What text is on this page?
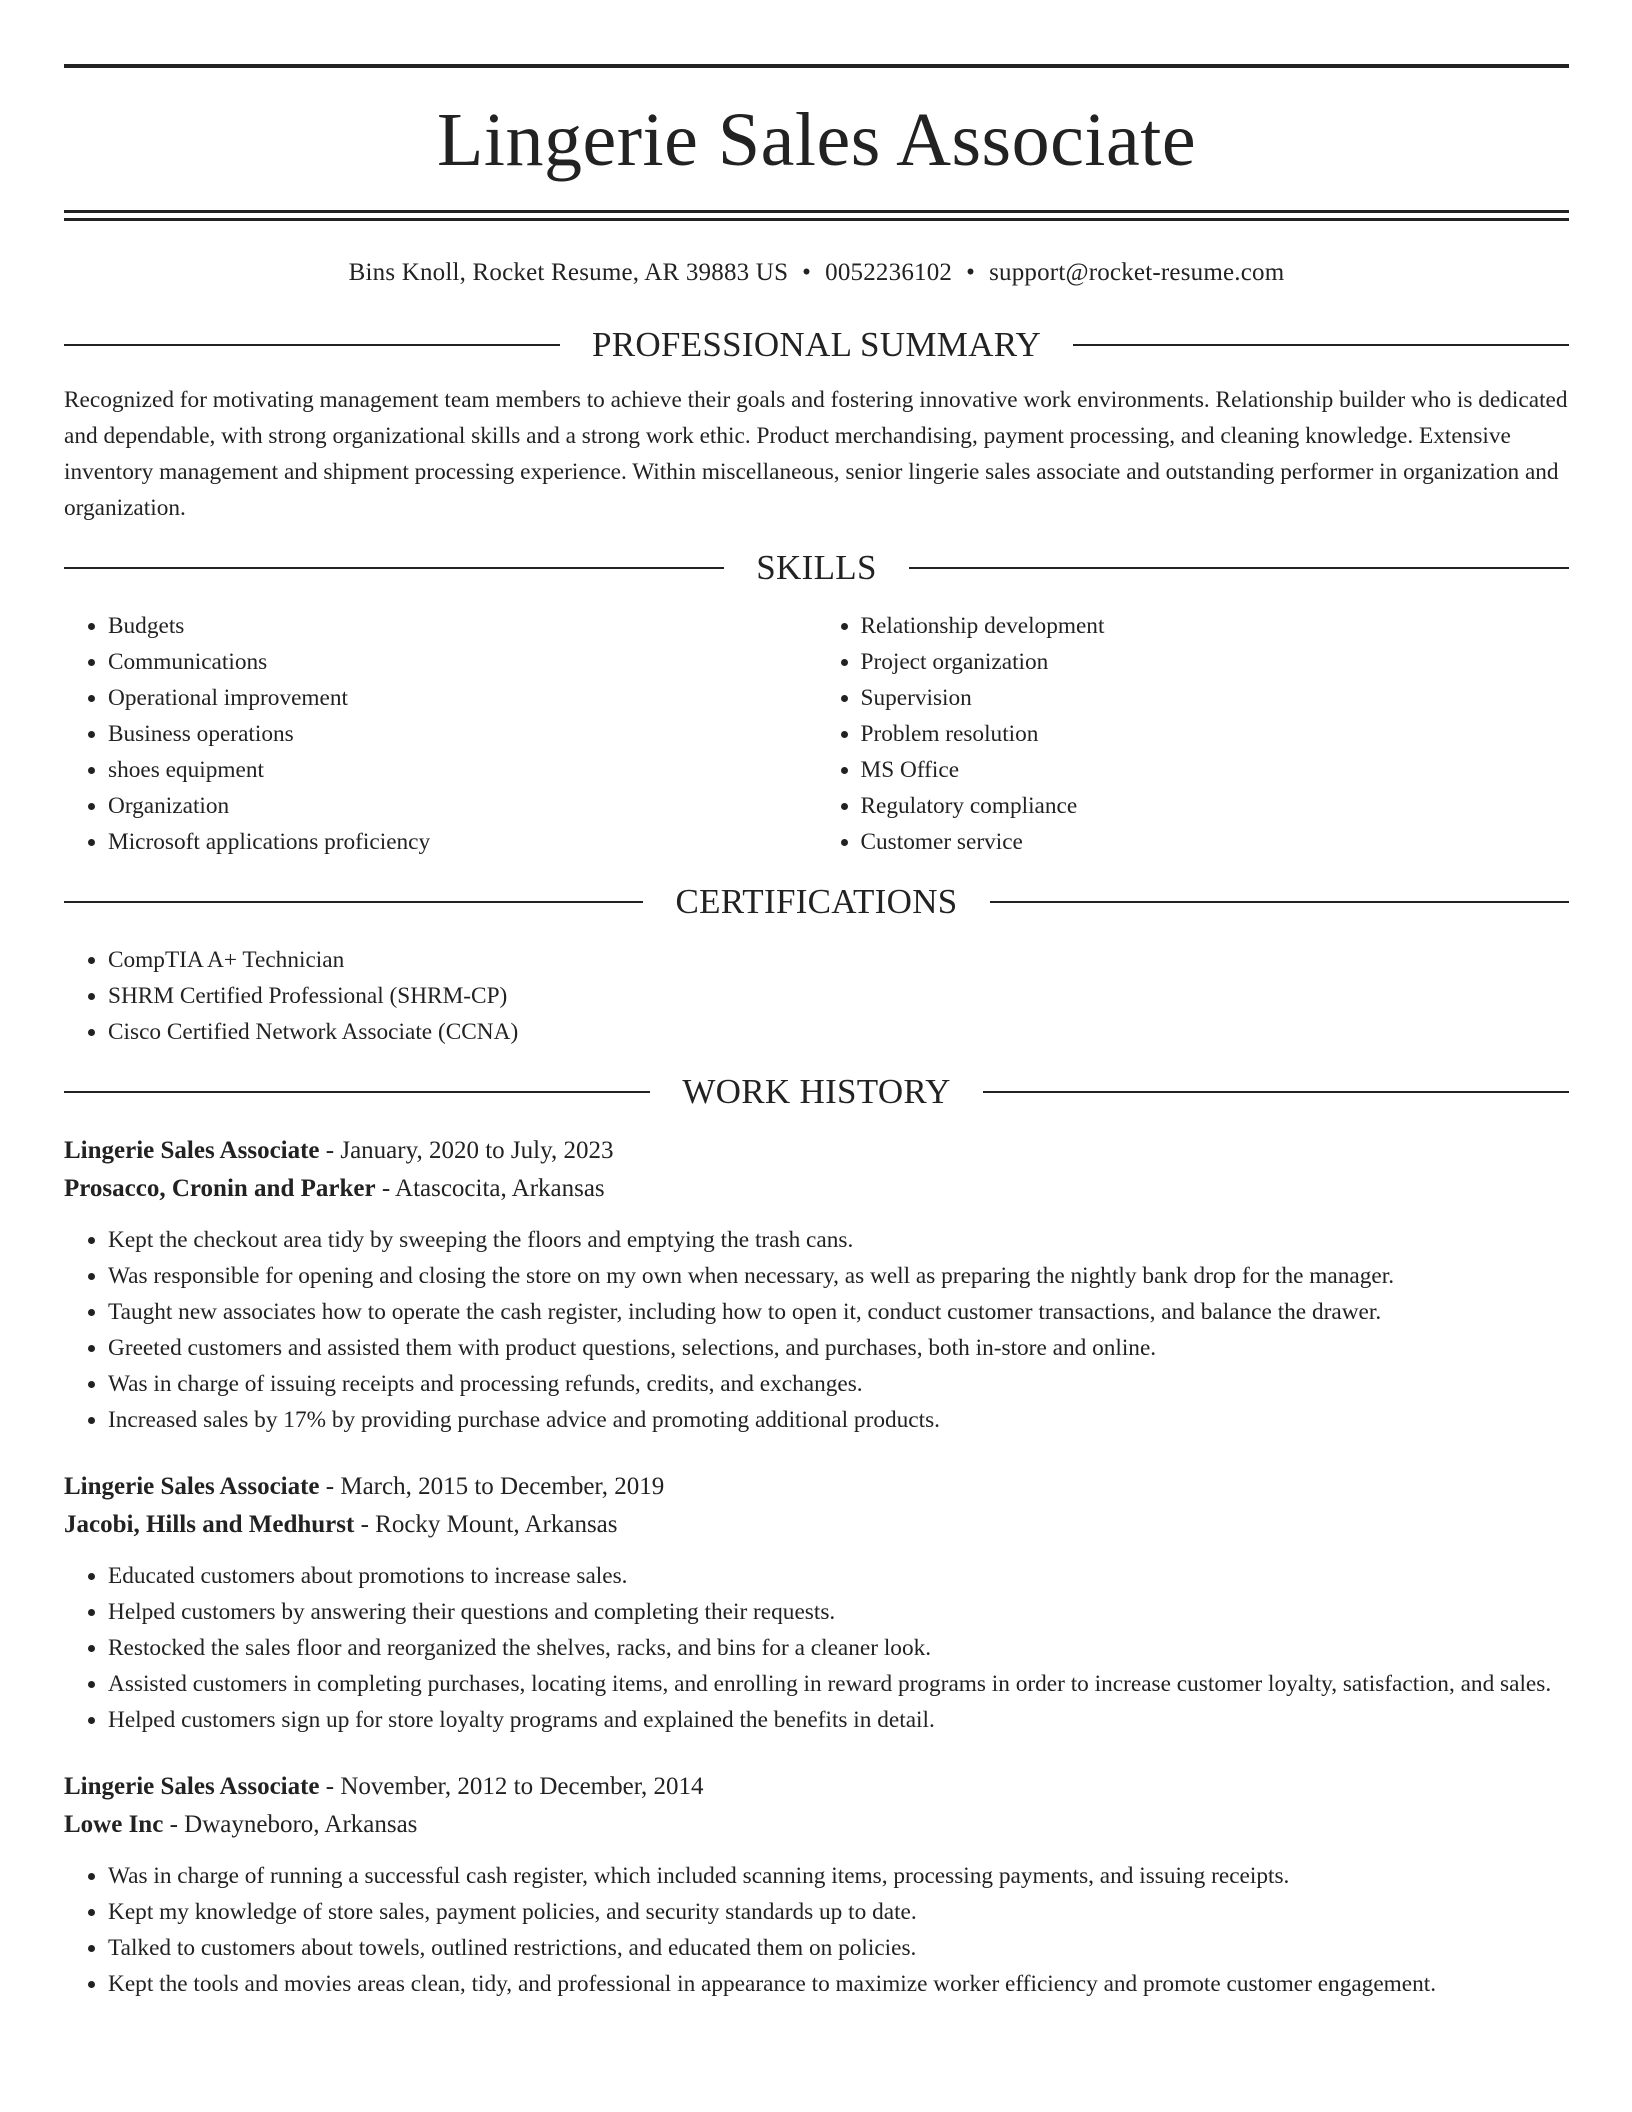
Lingerie Sales Associate
Bins Knoll, Rocket Resume, AR 39883 US • 0052236102 • support@rocket-resume.com
PROFESSIONAL SUMMARY
Recognized for motivating management team members to achieve their goals and fostering innovative work environments. Relationship builder who is dedicated and dependable, with strong organizational skills and a strong work ethic. Product merchandising, payment processing, and cleaning knowledge. Extensive inventory management and shipment processing experience. Within miscellaneous, senior lingerie sales associate and outstanding performer in organization and organization.
SKILLS
• Budgets
• Communications
• Operational improvement
• Business operations
• shoes equipment
• Organization
• Microsoft applications proficiency
• Relationship development
• Project organization
• Supervision
• Problem resolution
• MS Office
• Regulatory compliance
• Customer service
CERTIFICATIONS
• CompTIA A+ Technician
• SHRM Certified Professional (SHRM-CP)
• Cisco Certified Network Associate (CCNA)
WORK HISTORY
Lingerie Sales Associate - January, 2020 to July, 2023
Prosacco, Cronin and Parker - Atascocita, Arkansas
• Kept the checkout area tidy by sweeping the floors and emptying the trash cans.
• Was responsible for opening and closing the store on my own when necessary, as well as preparing the nightly bank drop for the manager.
• Taught new associates how to operate the cash register, including how to open it, conduct customer transactions, and balance the drawer.
• Greeted customers and assisted them with product questions, selections, and purchases, both in-store and online.
• Was in charge of issuing receipts and processing refunds, credits, and exchanges.
• Increased sales by 17% by providing purchase advice and promoting additional products.
Lingerie Sales Associate - March, 2015 to December, 2019
Jacobi, Hills and Medhurst - Rocky Mount, Arkansas
• Educated customers about promotions to increase sales.
• Helped customers by answering their questions and completing their requests.
• Restocked the sales floor and reorganized the shelves, racks, and bins for a cleaner look.
• Assisted customers in completing purchases, locating items, and enrolling in reward programs in order to increase customer loyalty, satisfaction, and sales.
• Helped customers sign up for store loyalty programs and explained the benefits in detail.
Lingerie Sales Associate - November, 2012 to December, 2014
Lowe Inc - Dwayneboro, Arkansas
• Was in charge of running a successful cash register, which included scanning items, processing payments, and issuing receipts.
• Kept my knowledge of store sales, payment policies, and security standards up to date.
• Talked to customers about towels, outlined restrictions, and educated them on policies.
• Kept the tools and movies areas clean, tidy, and professional in appearance to maximize worker efficiency and promote customer engagement.
